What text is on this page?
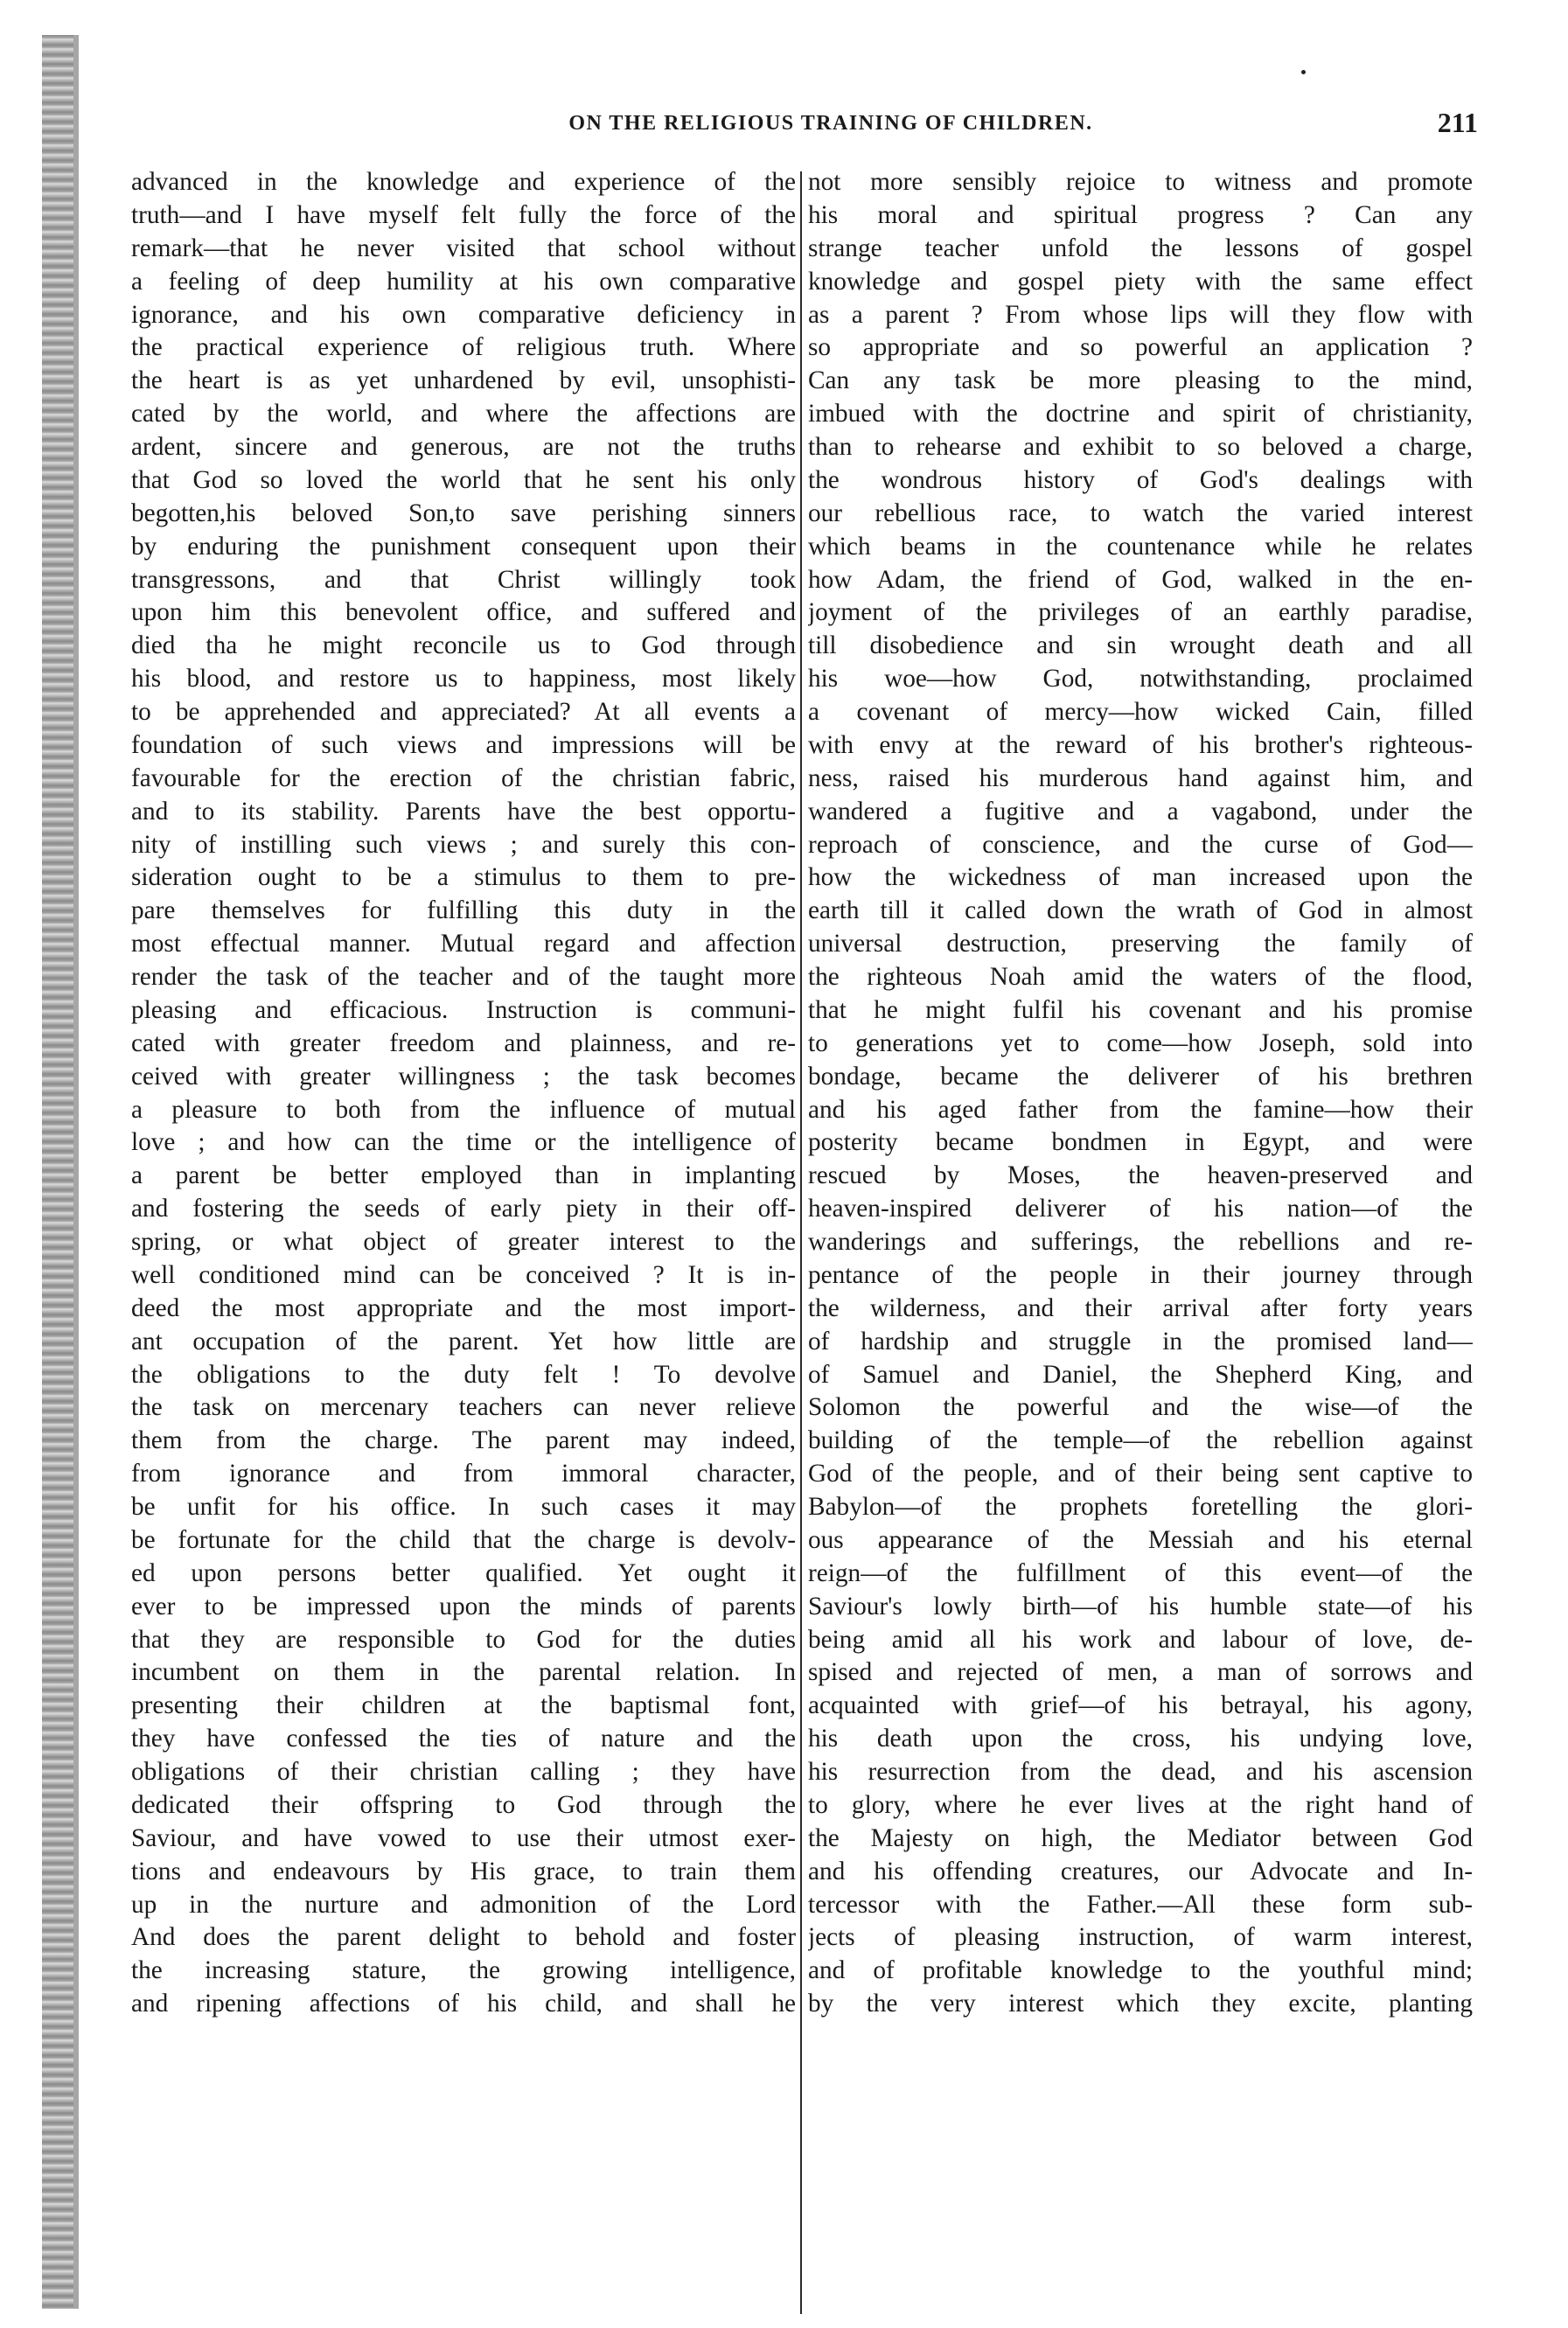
ON THE RELIGIOUS TRAINING OF CHILDREN.	211
advanced in the knowledge and experience of the
truth—and I have myself felt fully the force of the
remark—that he never visited that school without
a feeling of deep humility at his own comparative
ignorance, and his own comparative deficiency in
the practical experience of religious truth. Where
the heart is as yet unhardened by evil, unsophisti-
cated by the world, and where the affections are
ardent, sincere and generous, are not the truths
that God so loved the world that he sent his only
begotten,his beloved Son,to save perishing sinners
by enduring the punishment consequent upon their
transgressons, and that Christ willingly took
upon him this benevolent office, and suffered and
died tha he might reconcile us to God through
his blood, and restore us to happiness, most likely
to be apprehended and appreciated? At all events a
foundation of such views and impressions will be
favourable for the erection of the christian fabric,
and to its stability. Parents have the best opportu-
nity of instilling such views ; and surely this con-
sideration ought to be a stimulus to them to pre-
pare themselves for fulfilling this duty in the
most effectual manner. Mutual regard and affection
render the task of the teacher and of the taught more
pleasing and efficacious. Instruction is communi-
cated with greater freedom and plainness, and re-
ceived with greater willingness ; the task becomes
a pleasure to both from the influence of mutual
love ; and how can the time or the intelligence of
a parent be better employed than in implanting
and fostering the seeds of early piety in their off-
spring, or what object of greater interest to the
well conditioned mind can be conceived ? It is in-
deed the most appropriate and the most import-
ant occupation of the parent. Yet how little are
the obligations to the duty felt ! To devolve
the task on mercenary teachers can never relieve
them from the charge. The parent may indeed,
from ignorance and from immoral character,
be unfit for his office. In such cases it may
be fortunate for the child that the charge is devolv-
ed upon persons better qualified. Yet ought it
ever to be impressed upon the minds of parents
that they are responsible to God for the duties
incumbent on them in the parental relation. In
presenting their children at the baptismal font,
they have confessed the ties of nature and the
obligations of their christian calling ; they have
dedicated their offspring to God through the
Saviour, and have vowed to use their utmost exer-
tions and endeavours by His grace, to train them
up in the nurture and admonition of the Lord
And does the parent delight to behold and foster
the increasing stature, the growing intelligence,
and ripening affections of his child, and shall he
not more sensibly rejoice to witness and promote
his moral and spiritual progress ? Can any
strange teacher unfold the lessons of gospel
knowledge and gospel piety with the same effect
as a parent ? From whose lips will they flow with
so appropriate and so powerful an application ?
Can any task be more pleasing to the mind,
imbued with the doctrine and spirit of christianity,
than to rehearse and exhibit to so beloved a charge,
the wondrous history of God's dealings with
our rebellious race, to watch the varied interest
which beams in the countenance while he relates
how Adam, the friend of God, walked in the en-
joyment of the privileges of an earthly paradise,
till disobedience and sin wrought death and all
his woe—how God, notwithstanding, proclaimed
a covenant of mercy—how wicked Cain, filled
with envy at the reward of his brother's righteous-
ness, raised his murderous hand against him, and
wandered a fugitive and a vagabond, under the
reproach of conscience, and the curse of God—
how the wickedness of man increased upon the
earth till it called down the wrath of God in almost
universal destruction, preserving the family of
the righteous Noah amid the waters of the flood,
that he might fulfil his covenant and his promise
to generations yet to come—how Joseph, sold into
bondage, became the deliverer of his brethren
and his aged father from the famine—how their
posterity became bondmen in Egypt, and were
rescued by Moses, the heaven-preserved and
heaven-inspired deliverer of his nation—of the
wanderings and sufferings, the rebellions and re-
pentance of the people in their journey through
the wilderness, and their arrival after forty years
of hardship and struggle in the promised land—
of Samuel and Daniel, the Shepherd King, and
Solomon the powerful and the wise—of the
building of the temple—of the rebellion against
God of the people, and of their being sent captive to
Babylon—of the prophets foretelling the glori-
ous appearance of the Messiah and his eternal
reign—of the fulfillment of this event—of the
Saviour's lowly birth—of his humble state—of his
being amid all his work and labour of love, de-
spised and rejected of men, a man of sorrows and
acquainted with grief—of his betrayal, his agony,
his death upon the cross, his undying love,
his resurrection from the dead, and his ascension
to glory, where he ever lives at the right hand of
the Majesty on high, the Mediator between God
and his offending creatures, our Advocate and In-
tercessor with the Father.—All these form sub-
jects of pleasing instruction, of warm interest,
and of profitable knowledge to the youthful mind;
by the very interest which they excite, planting
